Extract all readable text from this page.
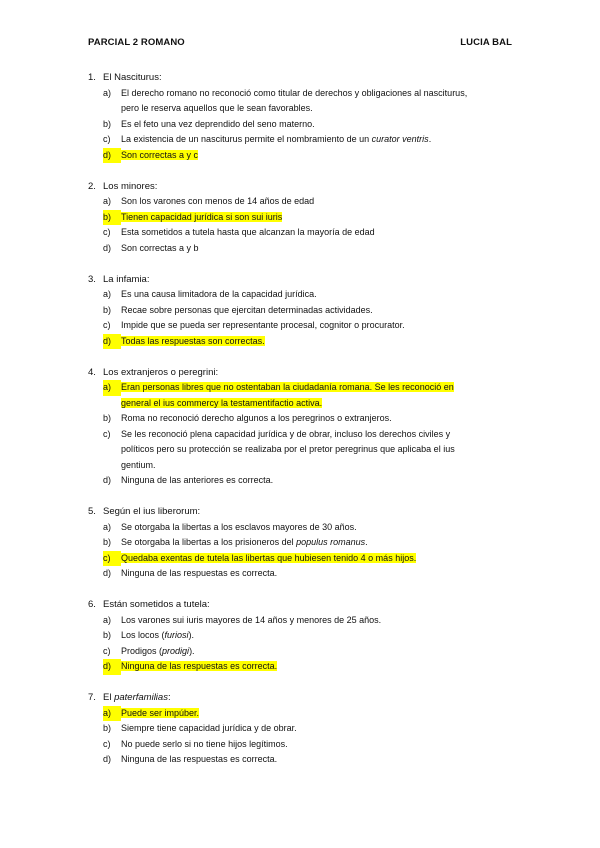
PARCIAL 2 ROMANO	LUCIA BAL
1. El Nasciturus:
a)	El derecho romano no reconoció como titular de derechos y obligaciones al nasciturus,
pero le reserva aquellos que le sean favorables.
b)	Es el feto una vez deprendido del seno materno.
c)	La existencia de un nasciturus permite el nombramiento de un curator ventris.
d)	Son correctas a y c
2. Los minores:
a)	Son los varones con menos de 14 años de edad
b)	Tienen capacidad jurídica si son sui iuris
c)	Esta sometidos a tutela hasta que alcanzan la mayoría de edad
d)	Son correctas a y b
3. La infamia:
a)	Es una causa limitadora de la capacidad jurídica.
b)	Recae sobre personas que ejercitan determinadas actividades.
c)	Impide que se pueda ser representante procesal, cognitor o procurator.
d)	Todas las respuestas son correctas.
4. Los extranjeros o peregrini:
a)	Eran personas libres que no ostentaban la ciudadanía romana. Se les reconoció en
general el ius commercy la testamentifactio activa.
b)	Roma no reconoció derecho algunos a los peregrinos o extranjeros.
c)	Se les reconoció plena capacidad jurídica y de obrar, incluso los derechos civiles y
políticos pero su protección se realizaba por el pretor peregrinus que aplicaba el ius
gentium.
d)	Ninguna de las anteriores es correcta.
5. Según el ius liberorum:
a)	Se otorgaba la libertas a los esclavos mayores de 30 años.
b)	Se otorgaba la libertas a los prisioneros del populus romanus.
c)	Quedaba exentas de tutela las libertas que hubiesen tenido 4 o más hijos.
d)	Ninguna de las respuestas es correcta.
6. Están sometidos a tutela:
a)	Los varones sui iuris mayores de 14 años y menores de 25 años.
b)	Los locos (furiosi).
c)	Prodigos (prodigi).
d)	Ninguna de las respuestas es correcta.
7. El paterfamilias:
a)	Puede ser impúber.
b)	Siempre tiene capacidad jurídica y de obrar.
c)	No puede serlo si no tiene hijos legítimos.
d)	Ninguna de las respuestas es correcta.
